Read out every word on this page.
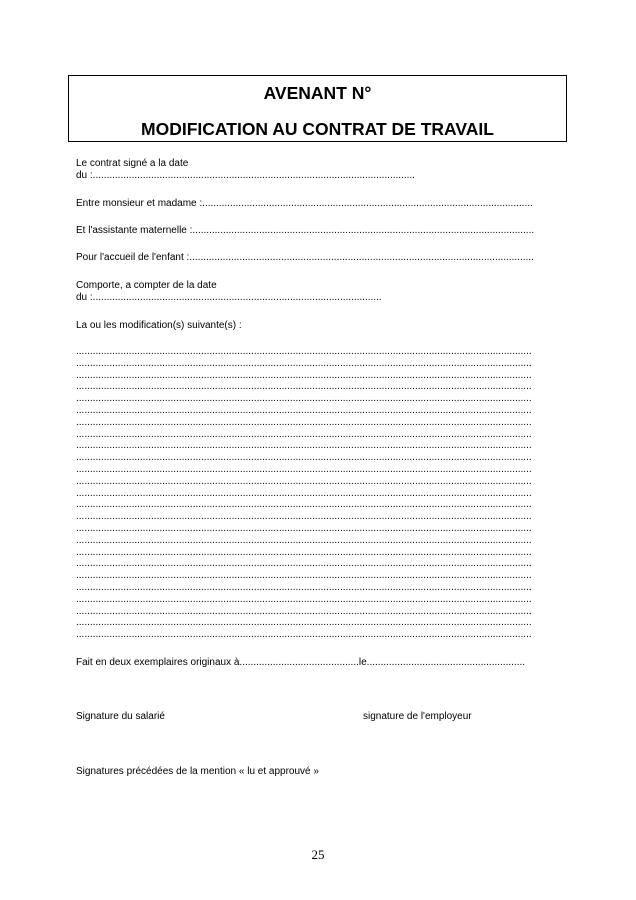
AVENANT N°
MODIFICATION AU CONTRAT DE TRAVAIL
Le contrat signé a la date
du :....................................................................................................................
Entre monsieur et madame :.......................................................................................................................
Et l'assistante maternelle :...........................................................................................................................
Pour l'accueil de l'enfant :............................................................................................................................
Comporte, a compter de la date
du :........................................................................................................
La ou les modification(s) suivante(s) :
....................................................................................................................................................................
....................................................................................................................................................................
....................................................................................................................................................................
....................................................................................................................................................................
....................................................................................................................................................................
....................................................................................................................................................................
....................................................................................................................................................................
....................................................................................................................................................................
....................................................................................................................................................................
....................................................................................................................................................................
....................................................................................................................................................................
....................................................................................................................................................................
....................................................................................................................................................................
....................................................................................................................................................................
....................................................................................................................................................................
....................................................................................................................................................................
....................................................................................................................................................................
....................................................................................................................................................................
....................................................................................................................................................................
....................................................................................................................................................................
....................................................................................................................................................................
....................................................................................................................................................................
....................................................................................................................................................................
....................................................................................................................................................................
....................................................................................................................................................................
Fait en deux exemplaires originaux à...........................................le.........................................................
Signature du salarié	signature de l'employeur
Signatures précédées de la mention « lu et approuvé »
25
